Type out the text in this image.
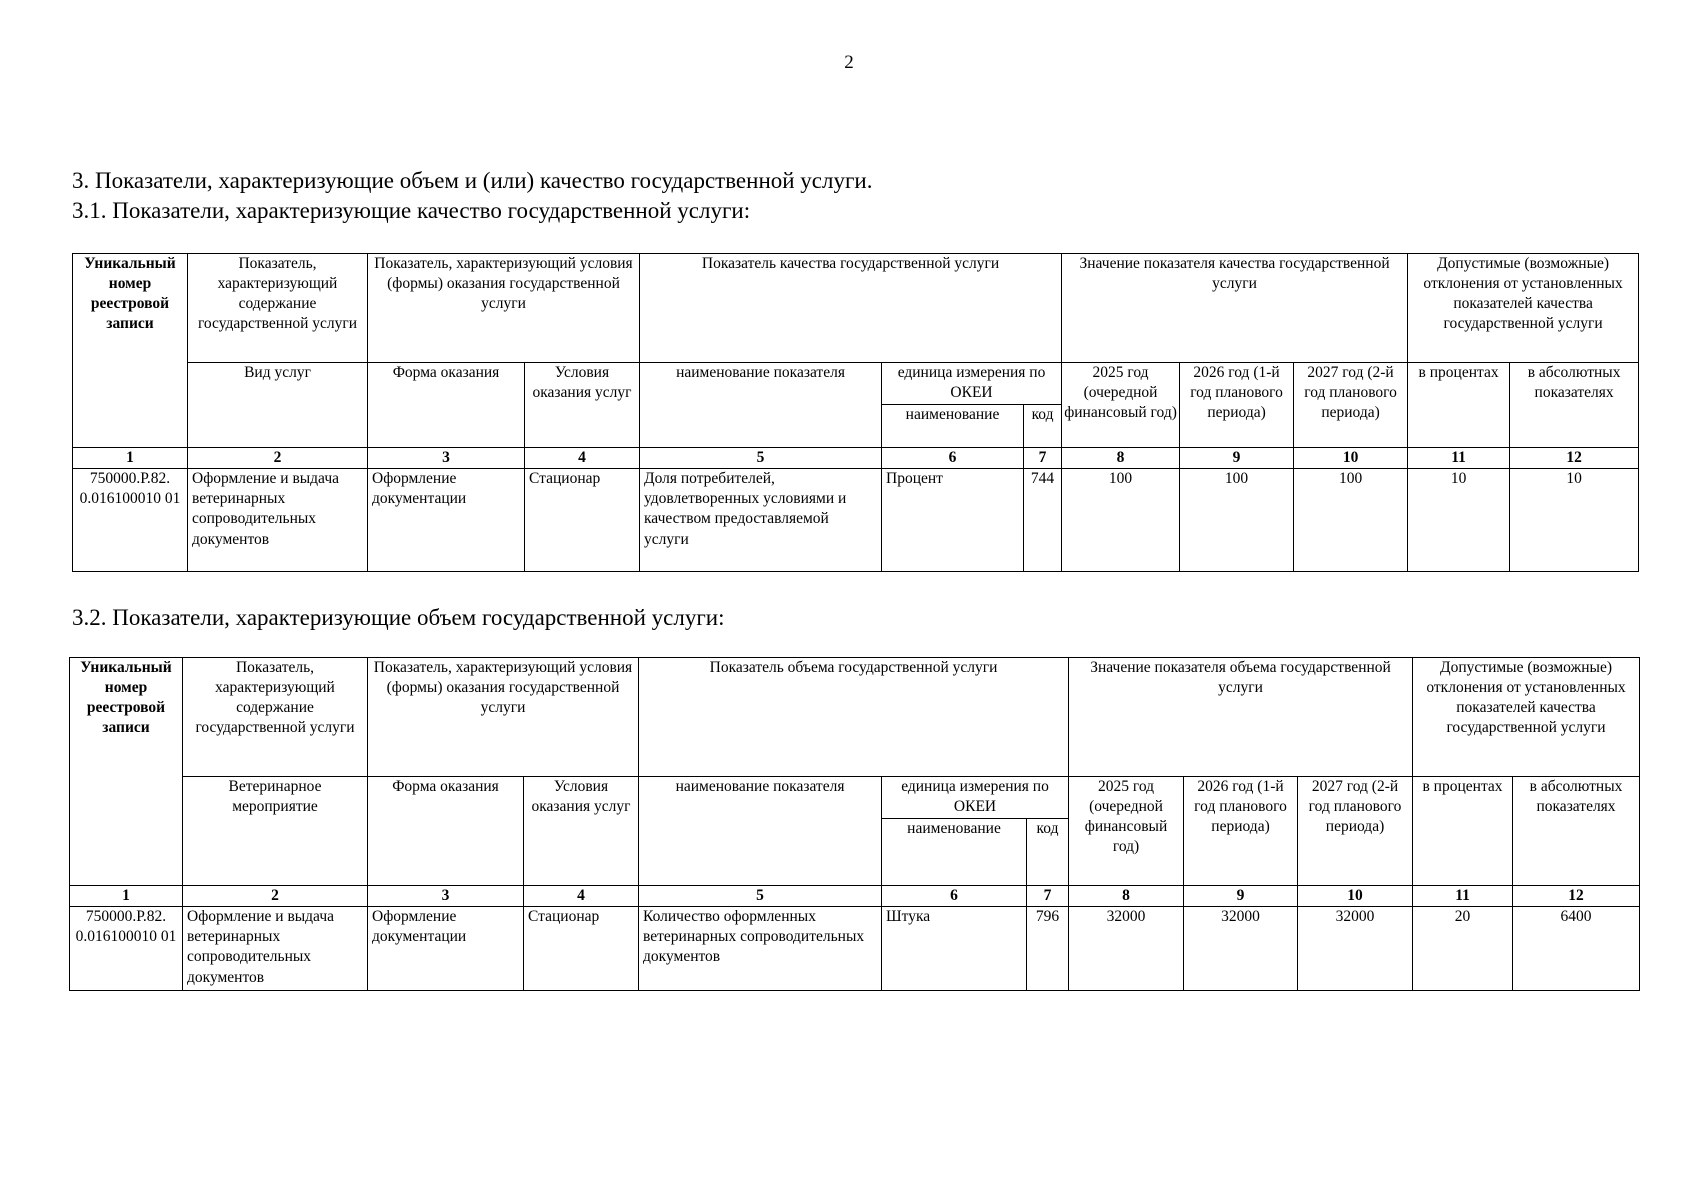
2
3. Показатели, характеризующие объем и (или) качество государственной услуги.
3.1. Показатели, характеризующие качество государственной услуги:
Уникальный номер реестровой записи	Показатель, характеризующий содержание государственной услуги	Показатель, характеризующий условия (формы) оказания государственной услуги		Показатель качества государственной услуги			Значение показателя качества государственной услуги			Допустимые (возможные) отклонения от установленных показателей качества государственной услуги	
	Вид услуг	Форма оказания	Условия оказания услуг	наименование показателя	единица измерения по ОКЕИ		2025 год (очередной финансовый год)	2026 год (1-й год планового периода)	2027 год (2-й год планового периода)	в процентах	в абсолютных показателях
					наименование	код					
1	2	3	4	5	6	7	8	9	10	11	12
750000.Р.82. 0.016100010 01	Оформление и выдача ветеринарных сопроводительных документов	Оформление документации	Стационар	Доля потребителей, удовлетворенных условиями и качеством предоставляемой услуги	Процент	744	100	100	100	10	10
3.2. Показатели, характеризующие объем государственной услуги:
Уникальный номер реестровой записи	Показатель, характеризующий содержание государственной услуги	Показатель, характеризующий условия (формы) оказания государственной услуги		Показатель объема государственной услуги			Значение показателя объема государственной услуги			Допустимые (возможные) отклонения от установленных показателей качества государственной услуги	
	Ветеринарное мероприятие	Форма оказания	Условия оказания услуг	наименование показателя	единица измерения по ОКЕИ		2025 год (очередной финансовый год)	2026 год (1-й год планового периода)	2027 год (2-й год планового периода)	в процентах	в абсолютных показателях
					наименование	код					
1	2	3	4	5	6	7	8	9	10	11	12
750000.Р.82. 0.016100010 01	Оформление и выдача ветеринарных сопроводительных документов	Оформление документации	Стационар	Количество оформленных ветеринарных сопроводительных документов	Штука	796	32000	32000	32000	20	6400
